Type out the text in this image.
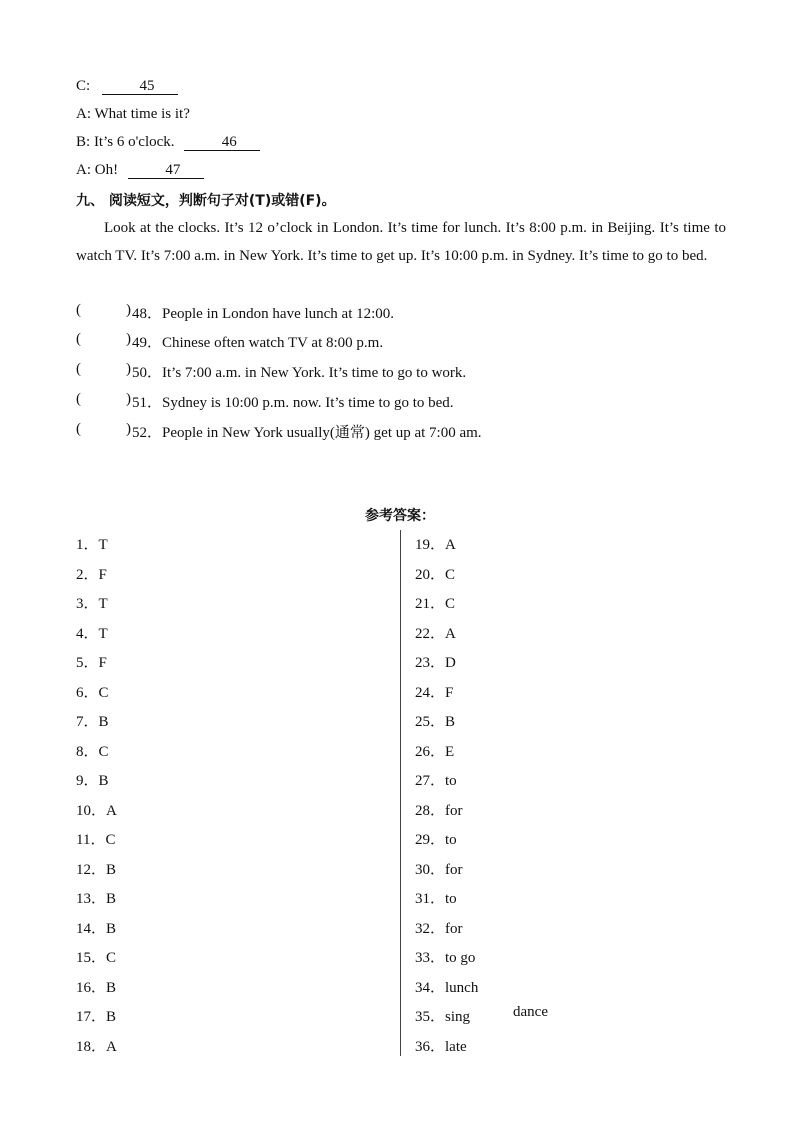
C:	45
A: What time is it?
B: It’s 6 o'clock.	46
A: Oh!	47
九、 阅读短文，判断句子对(T)或错(F)。
Look at the clocks. It’s 12 o’clock in London. It’s time for lunch. It’s 8:00 p.m. in Beijing. It’s time to watch TV. It’s 7:00 a.m. in New York. It’s time to get up. It’s 10:00 p.m. in Sydney. It’s time to go to bed.
(	) 48．People in London have lunch at 12:00.
(	) 49．Chinese often watch TV at 8:00 p.m.
(	) 50．It’s 7:00 a.m. in New York. It’s time to go to work.
(	) 51．Sydney is 10:00 p.m. now. It’s time to go to bed.
(	) 52．People in New York usually(通常) get up at 7:00 am.
参考答案：
1．T
2．F
3．T
4．T
5．F
6．C
7．B
8．C
9．B
10．A
11．C
12．B
13．B
14．B
15．C
16．B
17．B
18．A
19．A
20．C
21．C
22．A
23．D
24．F
25．B
26．E
27．to
28．for
29．to
30．for
31．to
32．for
33．to go
34．lunch
35．sing
36．late
dance
